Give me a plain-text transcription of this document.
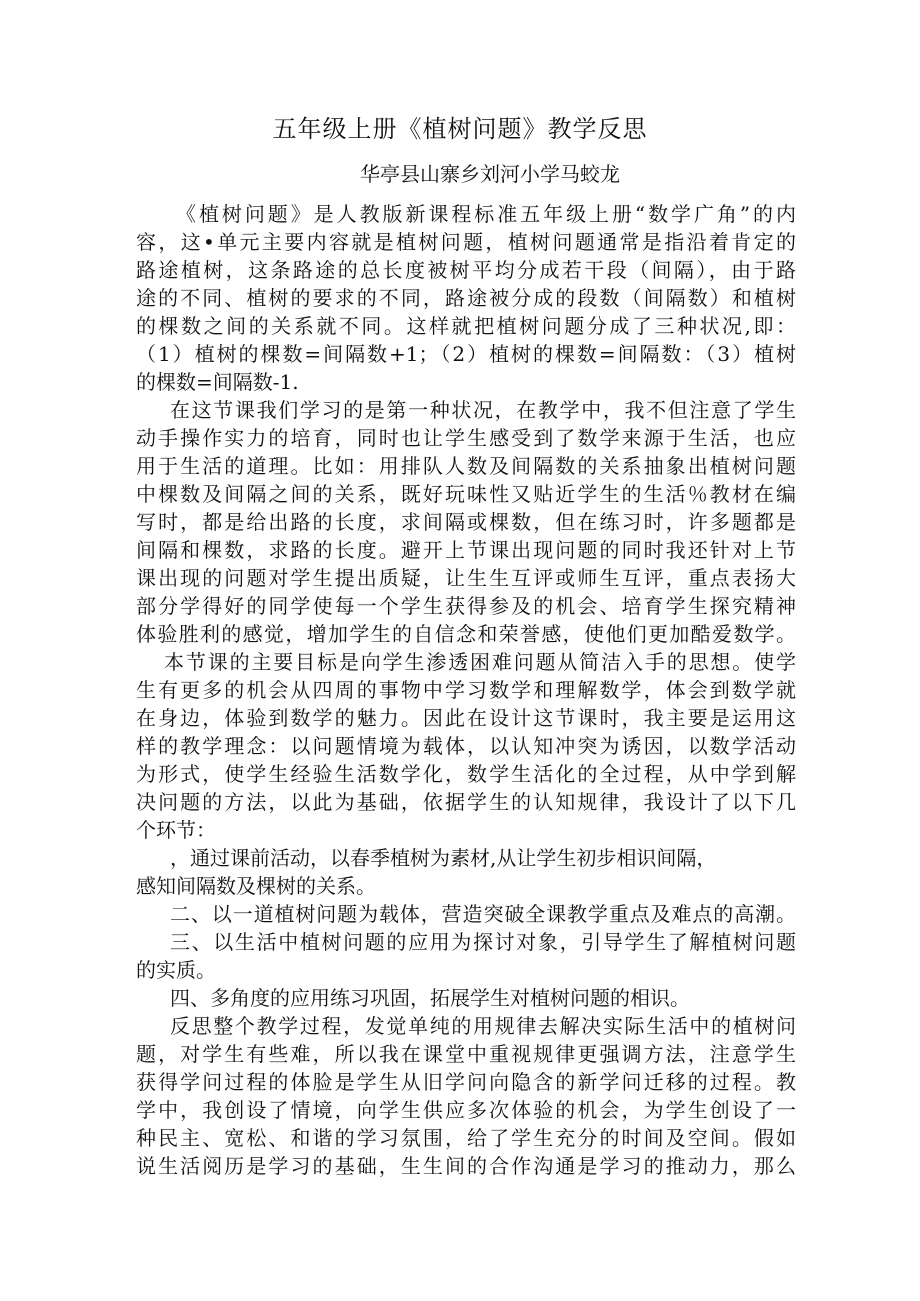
五年级上册《植树问题》教学反思
华亭县山寨乡刘河小学马蛟龙
《植树问题》是人教版新课程标准五年级上册“数学广角”的内
容，这•单元主要内容就是植树问题，植树问题通常是指沿着肯定的
路途植树，这条路途的总长度被树平均分成若干段（间隔），由于路
途的不同、植树的要求的不同，路途被分成的段数（间隔数）和植树
的棵数之间的关系就不同。这样就把植树问题分成了三种状况,即：
（1）植树的棵数=间隔数+1；（2）植树的棵数=间隔数：（3）植树
的棵数=间隔数-1.
在这节课我们学习的是第一种状况，在教学中，我不但注意了学生
动手操作实力的培育，同时也让学生感受到了数学来源于生活，也应
用于生活的道理。比如：用排队人数及间隔数的关系抽象出植树问题
中棵数及间隔之间的关系，既好玩味性又贴近学生的生活％教材在编
写时，都是给出路的长度，求间隔或棵数，但在练习时，许多题都是
间隔和棵数，求路的长度。避开上节课出现问题的同时我还针对上节
课出现的问题对学生提出质疑，让生生互评或师生互评，重点表扬大
部分学得好的同学使每一个学生获得参及的机会、培育学生探究精神
体验胜利的感觉，增加学生的自信念和荣誉感，使他们更加酷爱数学。
本节课的主要目标是向学生渗透困难问题从简洁入手的思想。使学
生有更多的机会从四周的事物中学习数学和理解数学，体会到数学就
在身边，体验到数学的魅力。因此在设计这节课时，我主要是运用这
样的教学理念：以问题情境为载体，以认知冲突为诱因，以数学活动
为形式，使学生经验生活数学化，数学生活化的全过程，从中学到解
决问题的方法，以此为基础，依据学生的认知规律，我设计了以下几
个环节：
，通过课前活动，以春季植树为素材,从让学生初步相识间隔，
感知间隔数及棵树的关系。
二、以一道植树问题为载体，营造突破全课教学重点及难点的高潮。
三、以生活中植树问题的应用为探讨对象，引导学生了解植树问题
的实质。
四、多角度的应用练习巩固，拓展学生对植树问题的相识。
反思整个教学过程，发觉单纯的用规律去解决实际生活中的植树问
题，对学生有些难，所以我在课堂中重视规律更强调方法，注意学生
获得学问过程的体脸是学生从旧学问向隐含的新学问迁移的过程。教
学中，我创设了情境，向学生供应多次体验的机会，为学生创设了一
种民主、宽松、和谐的学习氛围，给了学生充分的时间及空间。假如
说生活阅历是学习的基础，生生间的合作沟通是学习的推动力，那么
